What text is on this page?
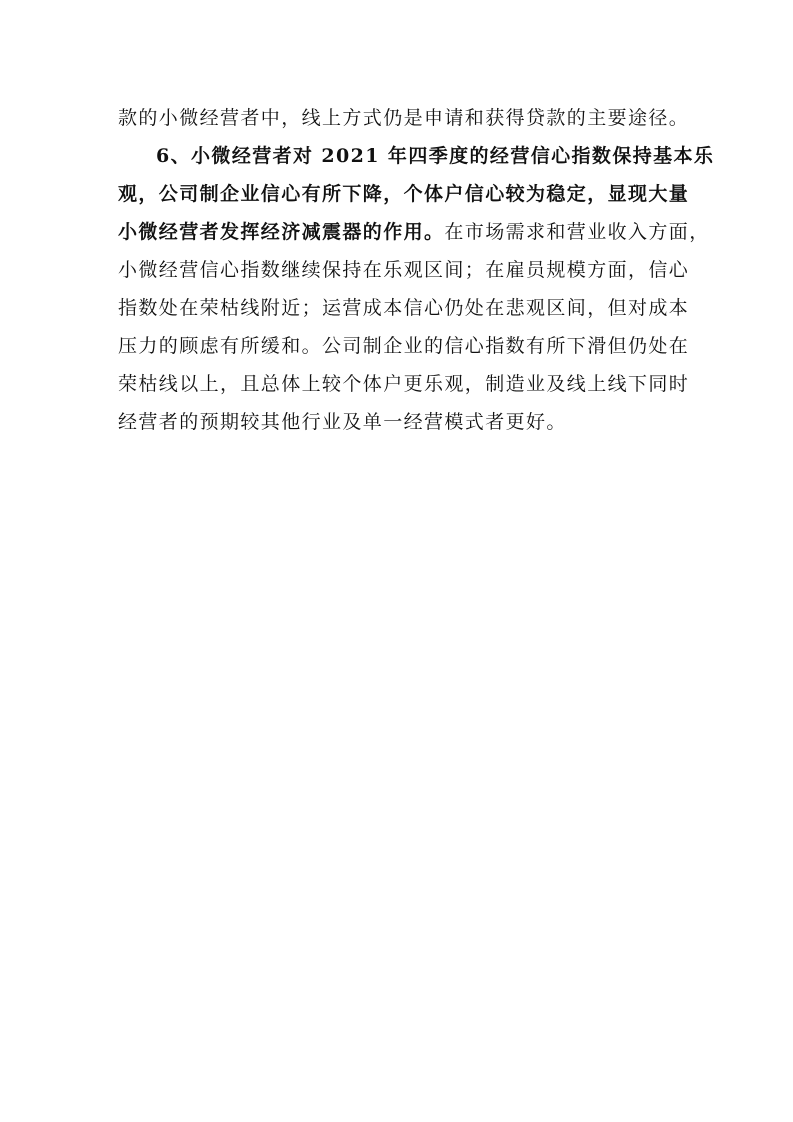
款的小微经营者中，线上方式仍是申请和获得贷款的主要途径。
6、小微经营者对 2021 年四季度的经营信心指数保持基本乐
观，公司制企业信心有所下降，个体户信心较为稳定，显现大量
小微经营者发挥经济减震器的作用。在市场需求和营业收入方面，
小微经营信心指数继续保持在乐观区间；在雇员规模方面，信心
指数处在荣枯线附近；运营成本信心仍处在悲观区间，但对成本
压力的顾虑有所缓和。公司制企业的信心指数有所下滑但仍处在
荣枯线以上，且总体上较个体户更乐观，制造业及线上线下同时
经营者的预期较其他行业及单一经营模式者更好。
